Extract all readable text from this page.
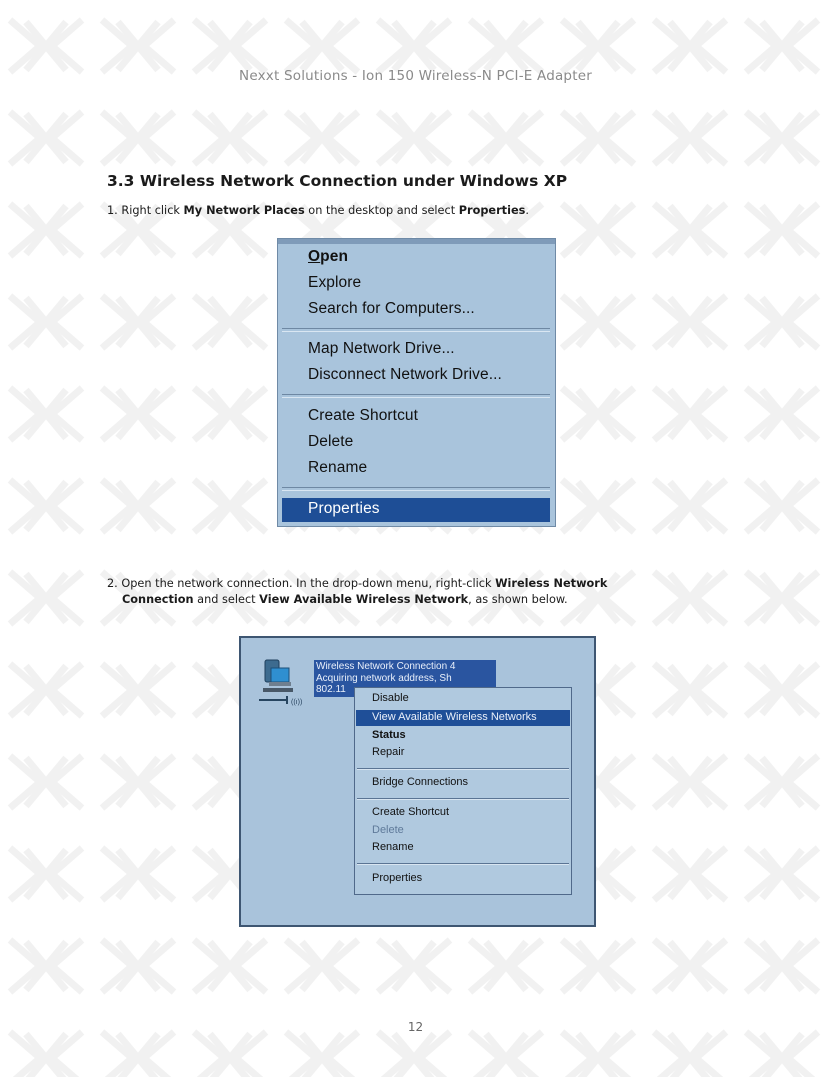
Nexxt Solutions - Ion 150 Wireless-N PCI-E Adapter
3.3 Wireless Network Connection under Windows XP
1. Right click My Network Places on the desktop and select Properties.
Open
Explore
Search for Computers...
Map Network Drive...
Disconnect Network Drive...
Create Shortcut
Delete
Rename
Properties
2. Open the network connection. In the drop-down menu, right-click Wireless Network
Connection and select View Available Wireless Network, as shown below.
((ı))
Wireless Network Connection 4
Acquiring network address, Sh
802.11
Disable
View Available Wireless Networks
Status
Repair
Bridge Connections
Create Shortcut
Delete
Rename
Properties
12
